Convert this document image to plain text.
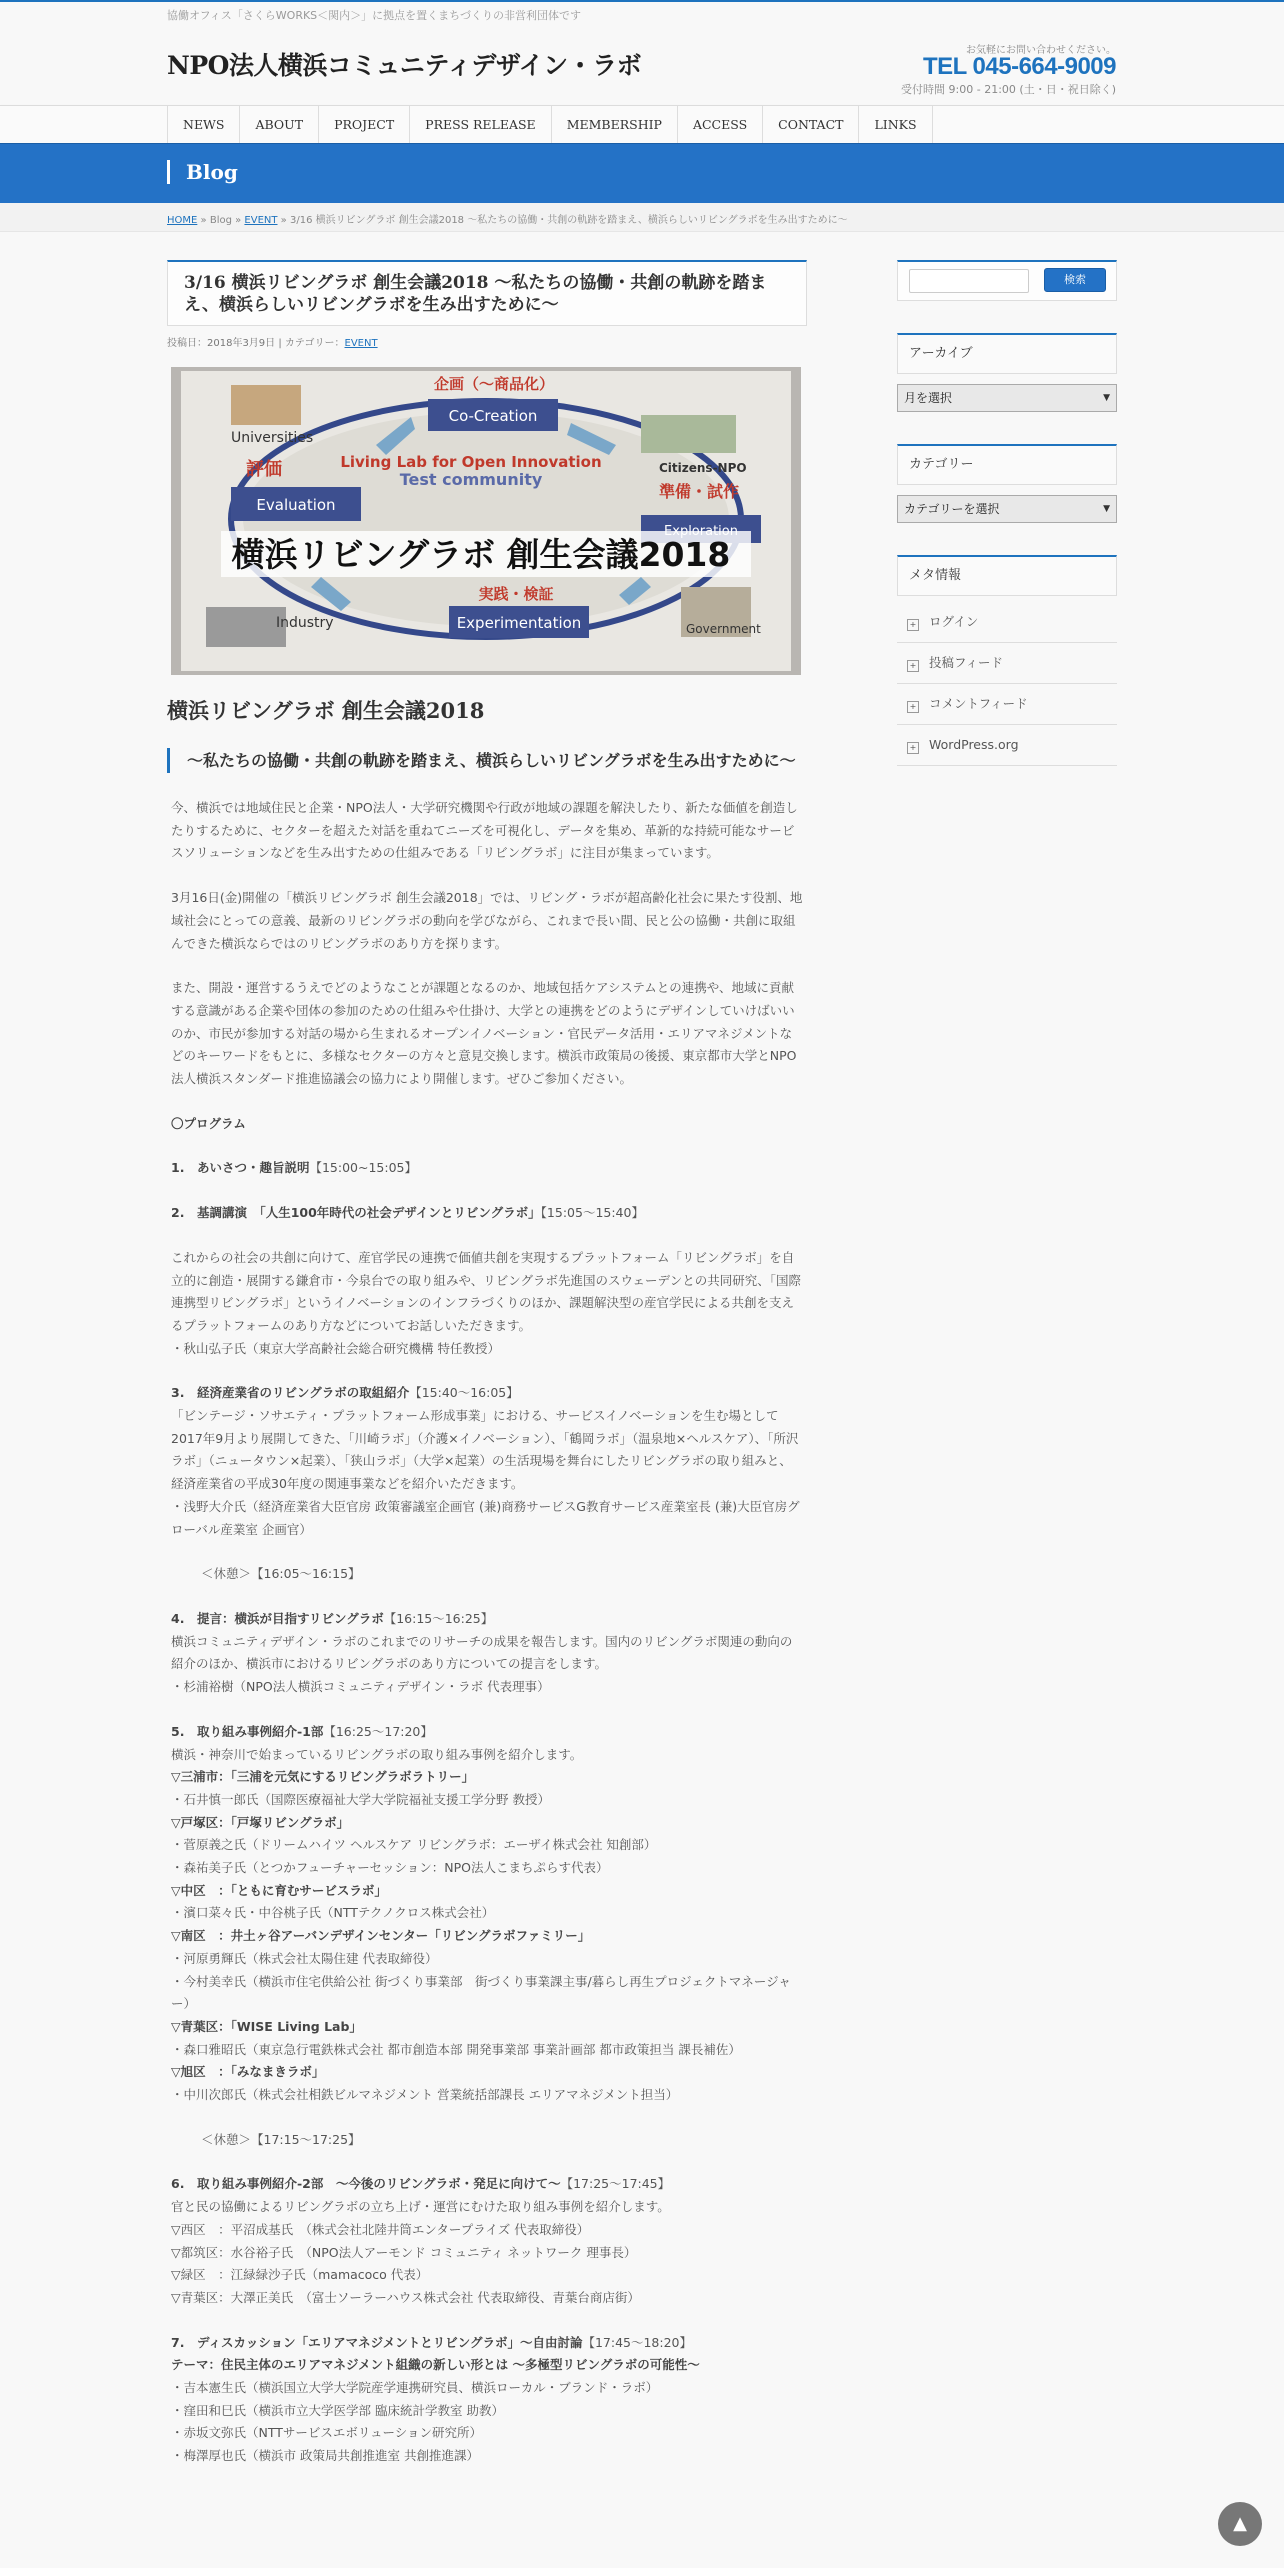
協働オフィス「さくらWORKS＜関内＞」に拠点を置くまちづくりの非営利団体です
NPO法人横浜コミュニティデザイン・ラボ
お気軽にお問い合わせください。
TEL 045-664-9009
受付時間 9:00 - 21:00 (土・日・祝日除く)
NEWS	ABOUT	PROJECT	PRESS RELEASE	MEMBERSHIP	ACCESS	CONTACT	LINKS
Blog
HOME » Blog » EVENT » 3/16 横浜リビングラボ 創生会議2018 ～私たちの協働・共創の軌跡を踏まえ、横浜らしいリビングラボを生み出すために～
3/16 横浜リビングラボ 創生会議2018 ～私たちの協働・共創の軌跡を踏まえ、横浜らしいリビングラボを生み出すために～
投稿日：2018年3月9日 | カテゴリー：EVENT
企画（～商品化）
Co-Creation
Living Lab for Open Innovation
Test community
Universities
評価
Evaluation
Citizens-NPO
準備・試作
横浜リビングラボ 創生会議2018
実践・検証
Experimentation
Industry	Government
横浜リビングラボ 創生会議2018
～私たちの協働・共創の軌跡を踏まえ、横浜らしいリビングラボを生み出すために～
今、横浜では地域住民と企業・NPO法人・大学研究機関や行政が地域の課題を解決したり、新たな価値を創造したりするために、セクターを超えた対話を重ねてニーズを可視化し、データを集め、革新的な持続可能なサービスソリューションなどを生み出すための仕組みである「リビングラボ」に注目が集まっています。
3月16日(金)開催の「横浜リビングラボ 創生会議2018」では、リビング・ラボが超高齢化社会に果たす役割、地域社会にとっての意義、最新のリビングラボの動向を学びながら、これまで長い間、民と公の協働・共創に取組んできた横浜ならではのリビングラボのあり方を探ります。
また、開設・運営するうえでどのようなことが課題となるのか、地域包括ケアシステムとの連携や、地域に貢献する意識がある企業や団体の参加のための仕組みや仕掛け、大学との連携をどのようにデザインしていけばいいのか、市民が参加する対話の場から生まれるオープンイノベーション・官民データ活用・エリアマネジメントなどのキーワードをもとに、多様なセクターの方々と意見交換します。横浜市政策局の後援、東京都市大学とNPO法人横浜スタンダード推進協議会の協力により開催します。ぜひご参加ください。
〇プログラム
1.　あいさつ・趣旨説明【15:00~15:05】
2.　基調講演　「人生100年時代の社会デザインとリビングラボ」【15:05〜15:40】
これからの社会の共創に向けて、産官学民の連携で価値共創を実現するプラットフォーム「リビングラボ」を自立的に創造・展開する鎌倉市・今泉台での取り組みや、リビングラボ先進国のスウェーデンとの共同研究、「国際連携型リビングラボ」というイノベーションのインフラづくりのほか、課題解決型の産官学民による共創を支えるプラットフォームのあり方などについてお話しいただきます。
・秋山弘子氏（東京大学高齢社会総合研究機構 特任教授）
3.　経済産業省のリビングラボの取組紹介【15:40〜16:05】
「ビンテージ・ソサエティ・プラットフォーム形成事業」における、サービスイノベーションを生む場として2017年9月より展開してきた、「川崎ラボ」（介護×イノベーション）、「鶴岡ラボ」（温泉地×ヘルスケア）、「所沢ラボ」（ニュータウン×起業）、「狭山ラボ」（大学×起業）の生活現場を舞台にしたリビングラボの取り組みと、経済産業省の平成30年度の関連事業などを紹介いただきます。
・浅野大介氏（経済産業省大臣官房 政策審議室企画官 (兼)商務サービスG教育サービス産業室長 (兼)大臣官房グローバル産業室 企画官）
＜休憩＞【16:05〜16:15】
4.　提言：横浜が目指すリビングラボ【16:15〜16:25】
横浜コミュニティデザイン・ラボのこれまでのリサーチの成果を報告します。国内のリビングラボ関連の動向の紹介のほか、横浜市におけるリビングラボのあり方についての提言をします。
・杉浦裕樹（NPO法人横浜コミュニティデザイン・ラボ 代表理事）
5.　取り組み事例紹介-1部【16:25〜17:20】
横浜・神奈川で始まっているリビングラボの取り組み事例を紹介します。
▽三浦市：「三浦を元気にするリビングラボラトリー」
・石井慎一郎氏（国際医療福祉大学大学院福祉支援工学分野 教授）
▽戸塚区：「戸塚リビングラボ」
・菅原義之氏（ドリームハイツ ヘルスケア リビングラボ：エーザイ株式会社 知創部）
・森祐美子氏（とつかフューチャーセッション：NPO法人こまちぷらす代表）
▽中区　：「ともに育むサービスラボ」
・濱口菜々氏・中谷桃子氏（NTTテクノクロス株式会社）
▽南区　：井土ヶ谷アーバンデザインセンター「リビングラボファミリー」
・河原勇輝氏（株式会社太陽住建 代表取締役）
・今村美幸氏（横浜市住宅供給公社 街づくり事業部　街づくり事業課主事/暮らし再生プロジェクトマネージャー）
▽青葉区：「WISE Living Lab」
・森口雅昭氏（東京急行電鉄株式会社 都市創造本部 開発事業部 事業計画部 都市政策担当 課長補佐）
▽旭区　：「みなまきラボ」
・中川次郎氏（株式会社相鉄ビルマネジメント 営業統括部課長 エリアマネジメント担当）
＜休憩＞【17:15〜17:25】
6.　取り組み事例紹介-2部　〜今後のリビングラボ・発足に向けて〜【17:25〜17:45】
官と民の協働によるリビングラボの立ち上げ・運営にむけた取り組み事例を紹介します。
▽西区　：平沼成基氏　（株式会社北陸井筒エンタープライズ 代表取締役）
▽都筑区：水谷裕子氏　（NPO法人アーモンド コミュニティ ネットワーク 理事長）
▽緑区　：江緑緑沙子氏（mamacoco 代表）
▽青葉区：大澤正美氏　（富士ソーラーハウス株式会社 代表取締役、青葉台商店街）
7.　ディスカッション「エリアマネジメントとリビングラボ」〜自由討論【17:45〜18:20】
テーマ：住民主体のエリアマネジメント組織の新しい形とは 〜多極型リビングラボの可能性〜
・吉本憲生氏（横浜国立大学大学院産学連携研究員、横浜ローカル・ブランド・ラボ）
・窪田和巳氏（横浜市立大学医学部 臨床統計学教室 助教）
・赤坂文弥氏（NTTサービスエボリューション研究所）
・梅澤厚也氏（横浜市 政策局共創推進室 共創推進課）
検索
アーカイブ
月を選択	▼
カテゴリー
カテゴリーを選択	▼
メタ情報
+ ログイン
+ 投稿フィード
+ コメントフィード
+ WordPress.org
▲
